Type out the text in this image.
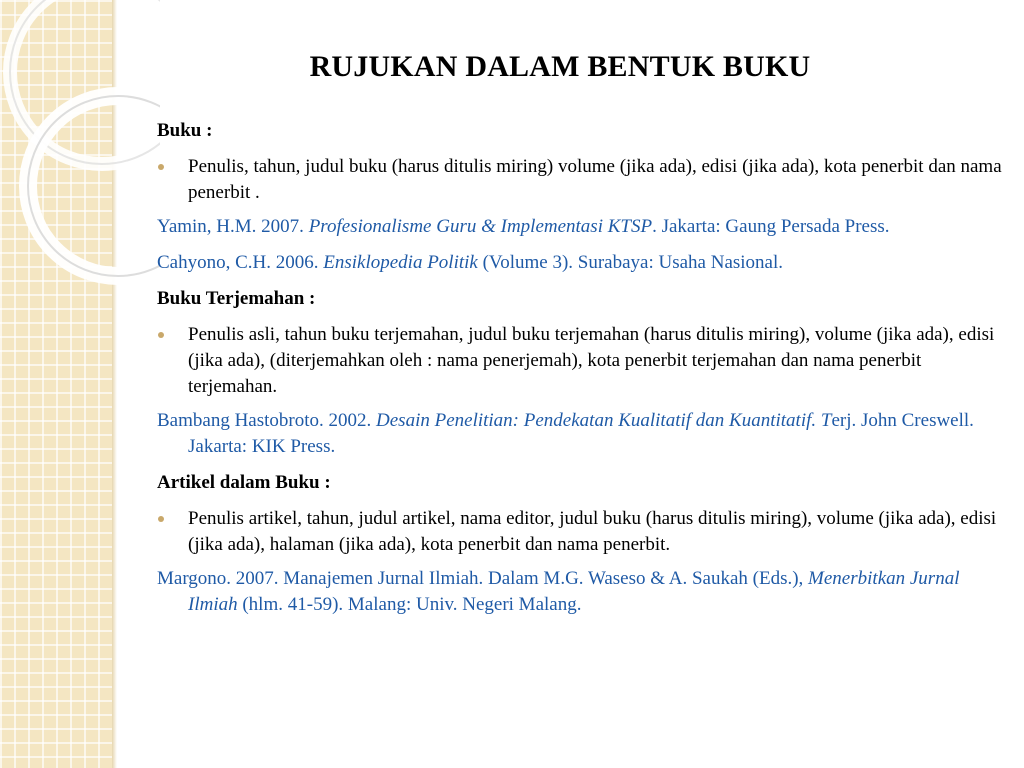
RUJUKAN DALAM BENTUK BUKU

Buku :

Penulis, tahun, judul buku (harus ditulis miring) volume (jika ada), edisi (jika ada), kota penerbit dan nama penerbit .

Yamin, H.M. 2007. Profesionalisme Guru & Implementasi KTSP. Jakarta: Gaung Persada Press.

Cahyono, C.H. 2006. Ensiklopedia Politik (Volume 3). Surabaya: Usaha Nasional.

Buku Terjemahan :

Penulis asli, tahun buku terjemahan, judul buku terjemahan (harus ditulis miring), volume (jika ada), edisi (jika ada), (diterjemahkan oleh : nama penerjemah), kota penerbit terjemahan dan nama penerbit terjemahan.

Bambang Hastobroto. 2002. Desain Penelitian: Pendekatan Kualitatif dan Kuantitatif. Terj. John Creswell. Jakarta: KIK Press.

Artikel dalam Buku :

Penulis artikel, tahun, judul artikel, nama editor, judul buku (harus ditulis miring), volume (jika ada), edisi (jika ada), halaman (jika ada), kota penerbit dan nama penerbit.

Margono. 2007. Manajemen Jurnal Ilmiah. Dalam M.G. Waseso & A. Saukah (Eds.), Menerbitkan Jurnal Ilmiah (hlm. 41-59). Malang: Univ. Negeri Malang.
